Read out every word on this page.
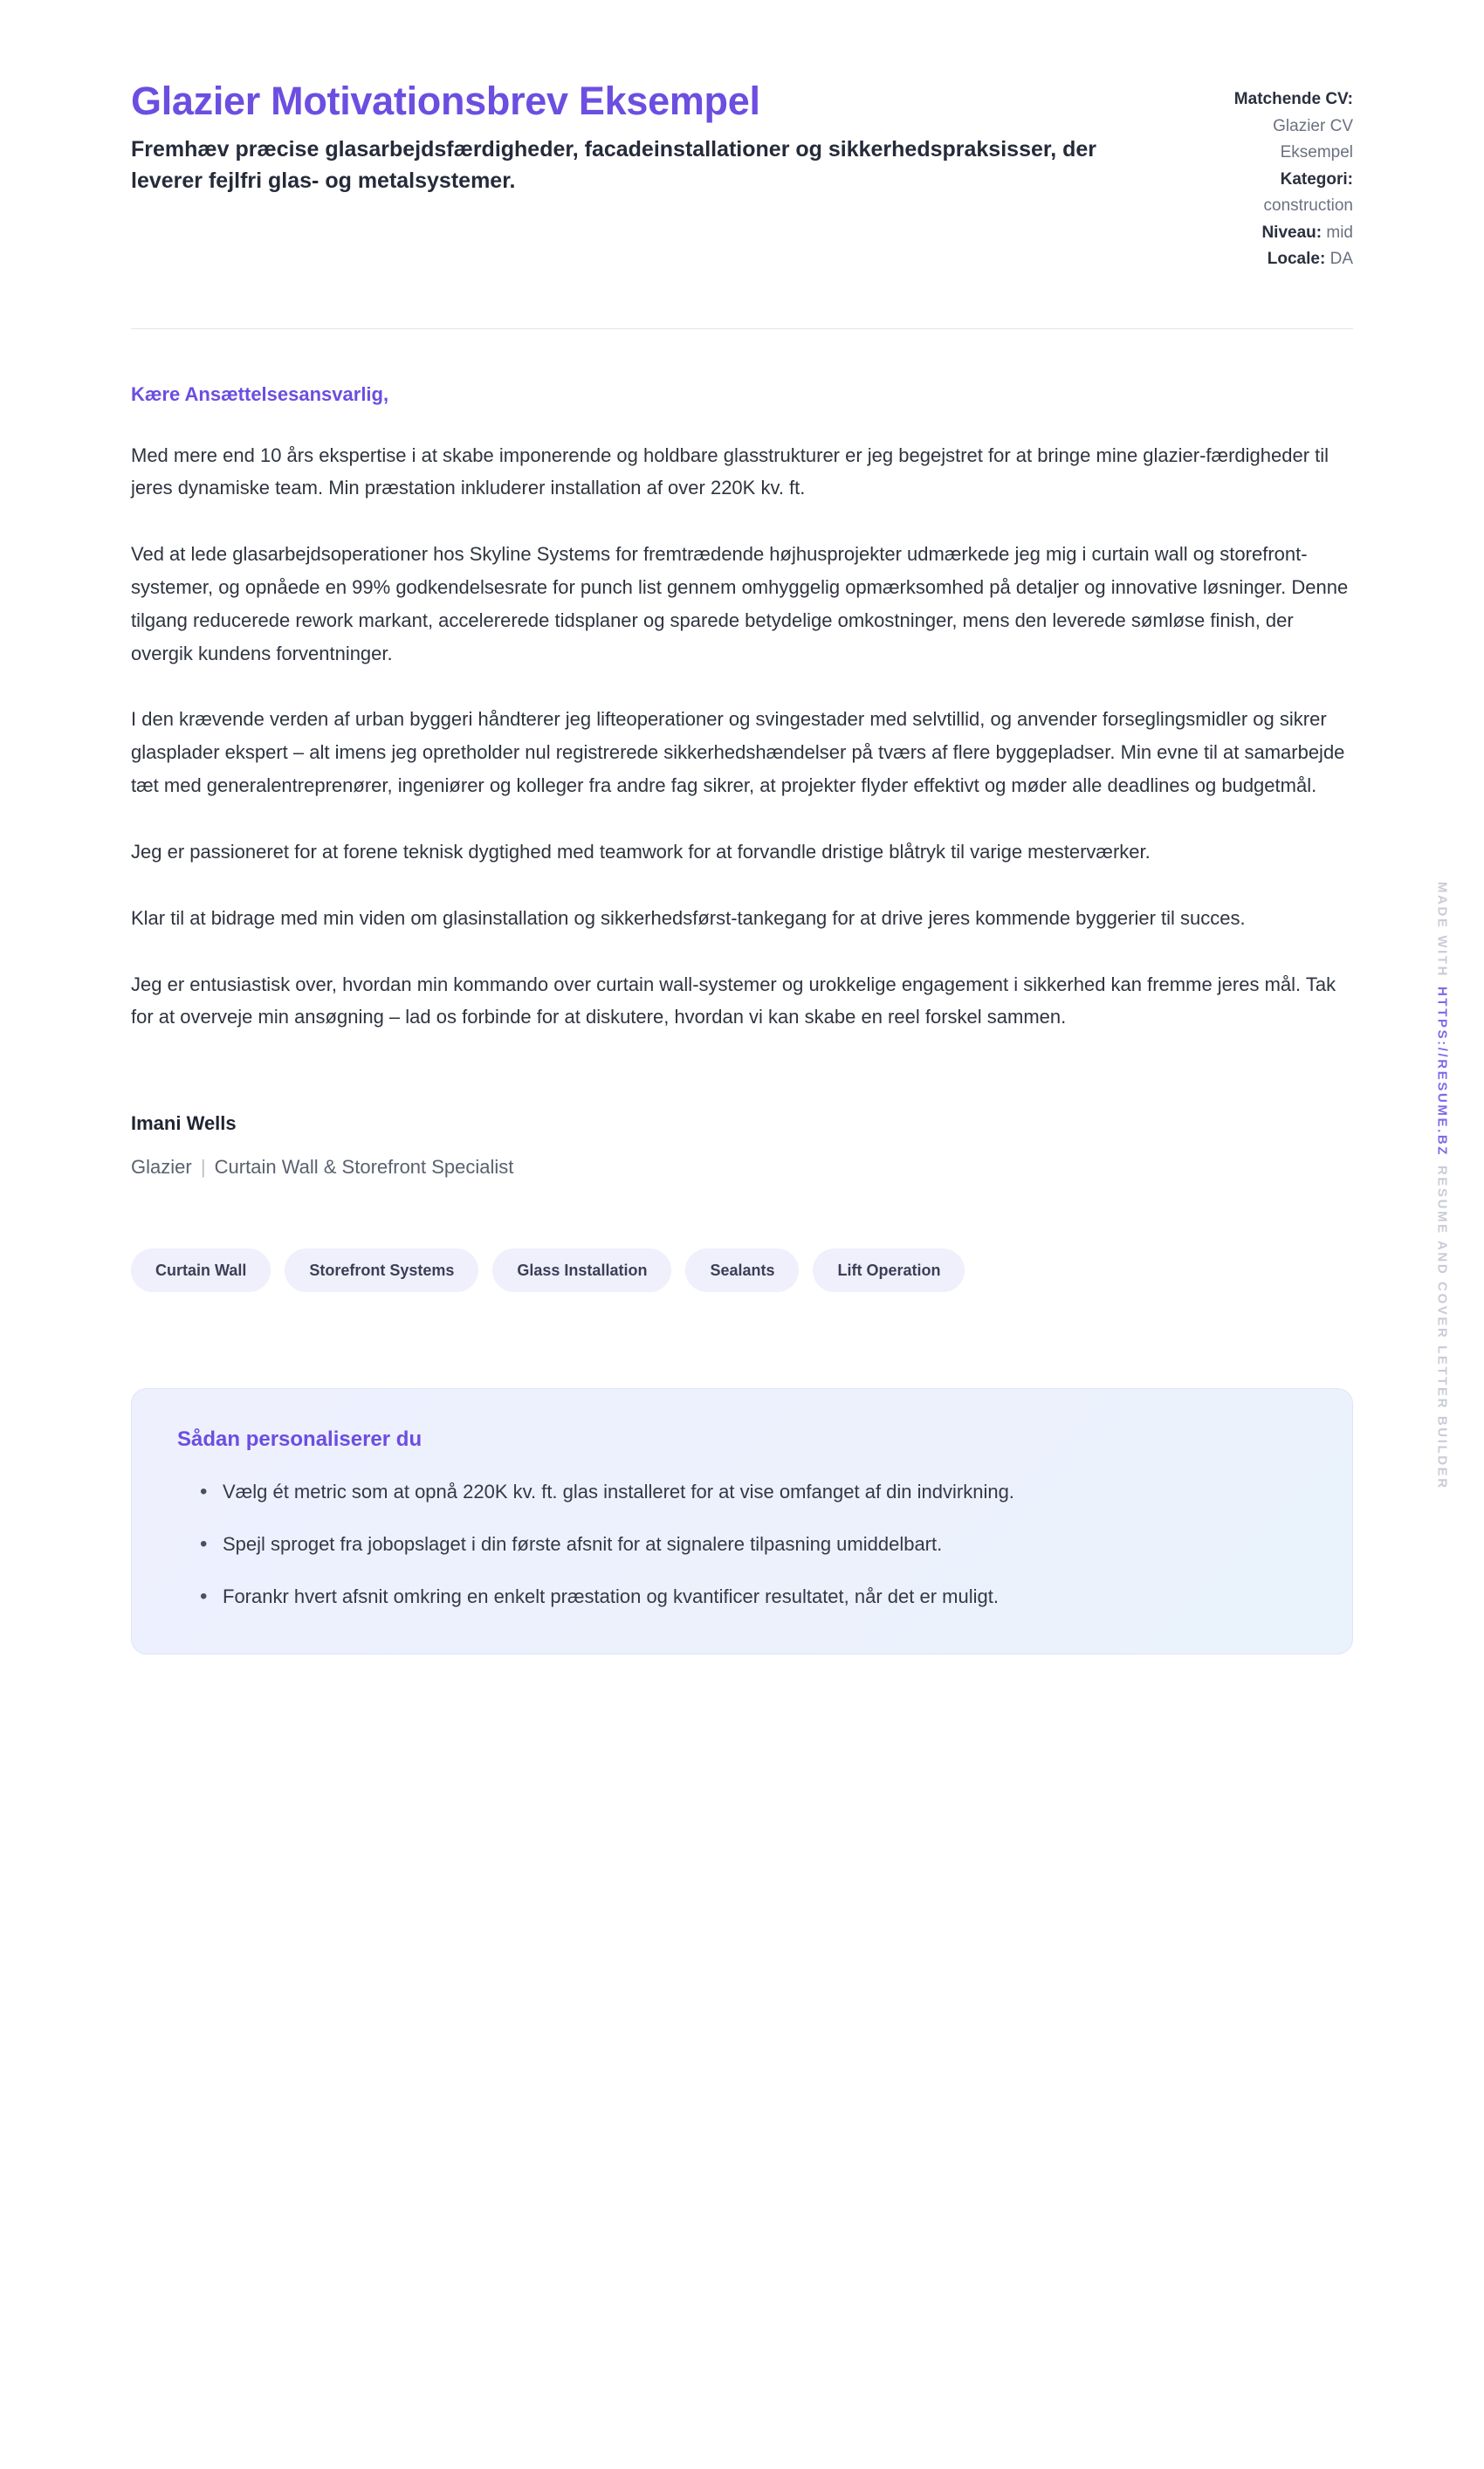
Glazier Motivationsbrev Eksempel

Fremhæv præcise glasarbejdsfærdigheder, facadeinstallationer og sikkerhedspraksisser, der leverer fejlfri glas- og metalsystemer.

Matchende CV:
Glazier CV
Eksempel
Kategori:
construction
Niveau: mid
Locale: DA

Kære Ansættelsesansvarlig,

Med mere end 10 års ekspertise i at skabe imponerende og holdbare glasstrukturer er jeg begejstret for at bringe mine glazier-færdigheder til jeres dynamiske team. Min præstation inkluderer installation af over 220K kv. ft.

Ved at lede glasarbejdsoperationer hos Skyline Systems for fremtrædende højhusprojekter udmærkede jeg mig i curtain wall og storefront-systemer, og opnåede en 99% godkendelsesrate for punch list gennem omhyggelig opmærksomhed på detaljer og innovative løsninger. Denne tilgang reducerede rework markant, accelererede tidsplaner og sparede betydelige omkostninger, mens den leverede sømløse finish, der overgik kundens forventninger.

I den krævende verden af urban byggeri håndterer jeg lifteoperationer og svingestader med selvtillid, og anvender forseglingsmidler og sikrer glasplader ekspert – alt imens jeg opretholder nul registrerede sikkerhedshændelser på tværs af flere byggepladser. Min evne til at samarbejde tæt med generalentreprenører, ingeniører og kolleger fra andre fag sikrer, at projekter flyder effektivt og møder alle deadlines og budgetmål.

Jeg er passioneret for at forene teknisk dygtighed med teamwork for at forvandle dristige blåtryk til varige mesterværker.

Klar til at bidrage med min viden om glasinstallation og sikkerhedsførst-tankegang for at drive jeres kommende byggerier til succes.

Jeg er entusiastisk over, hvordan min kommando over curtain wall-systemer og urokkelige engagement i sikkerhed kan fremme jeres mål. Tak for at overveje min ansøgning – lad os forbinde for at diskutere, hvordan vi kan skabe en reel forskel sammen.

Imani Wells

Glazier | Curtain Wall & Storefront Specialist

Curtain Wall	Storefront Systems	Glass Installation	Sealants	Lift Operation
Sådan personaliserer du
• Vælg ét metric som at opnå 220K kv. ft. glas installeret for at vise omfanget af din indvirkning.
• Spejl sproget fra jobopslaget i din første afsnit for at signalere tilpasning umiddelbart.
• Forankr hvert afsnit omkring en enkelt præstation og kvantificer resultatet, når det er muligt.
MADE WITH
HTTPS://RESUME.BZ
RESUME AND COVER LETTER BUILDER
